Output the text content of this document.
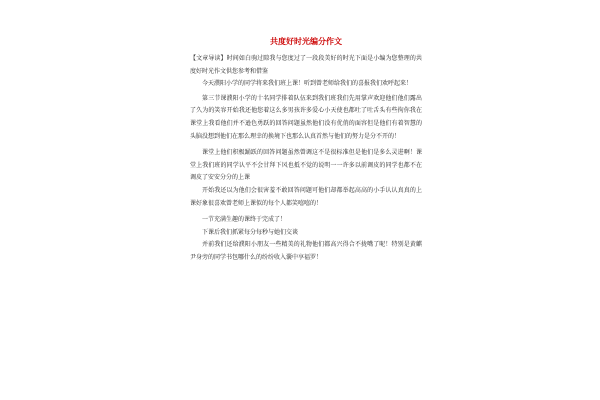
共度好时光编分作文

【文章导读】时间如白驹过隙我与您度过了一段段美好的时光下面是小编为您整理的共度好时光作文供您参考和借鉴

今天濮阳小学的同学将来我们班上课！听到曾老师给我们的喜报我们欢呼起来！

第三节课濮阳小学的十名同学排着队伍来到我们班我们先用掌声欢迎他们他们露出了久为的笑容开始我还他您着这么多男孩许多爱心小天使也都吐了吐舌头有些拘你我在课堂上我看他们并不逊色勇跃的回答问题虽然他们没有优俏的面容但是他们有着智慧的头脑没想到他们在那么理幸的换境下也那么认真首然与他们的努力是分不开的！

课堂上他们积极踊跃的回答问题虽然曾调这不是很标准但是他们是多么灵进啊！课堂上我们班的同学认平不会甘拜下风也抵不觉的说明一一许多以前调皮的同学也都不在调皮了安安分分的上课

开始我还以为他们会很害羞不敢回答问题可他们却都举起高高的小手认认真真的上课好象很喜欢曾老师上课似的每个人都笑嘻嘻的！

一节充满生趣的课终于完成了！

下课后我们抓紧每分每秒与她们交谈

并前我们还给濮阳小朋友一些精美的礼物他们都高兴得合不拢嘴了呢！特别是黄麒尹身旁的同学书包哪什么的纷纷收入囊中享福罗！
